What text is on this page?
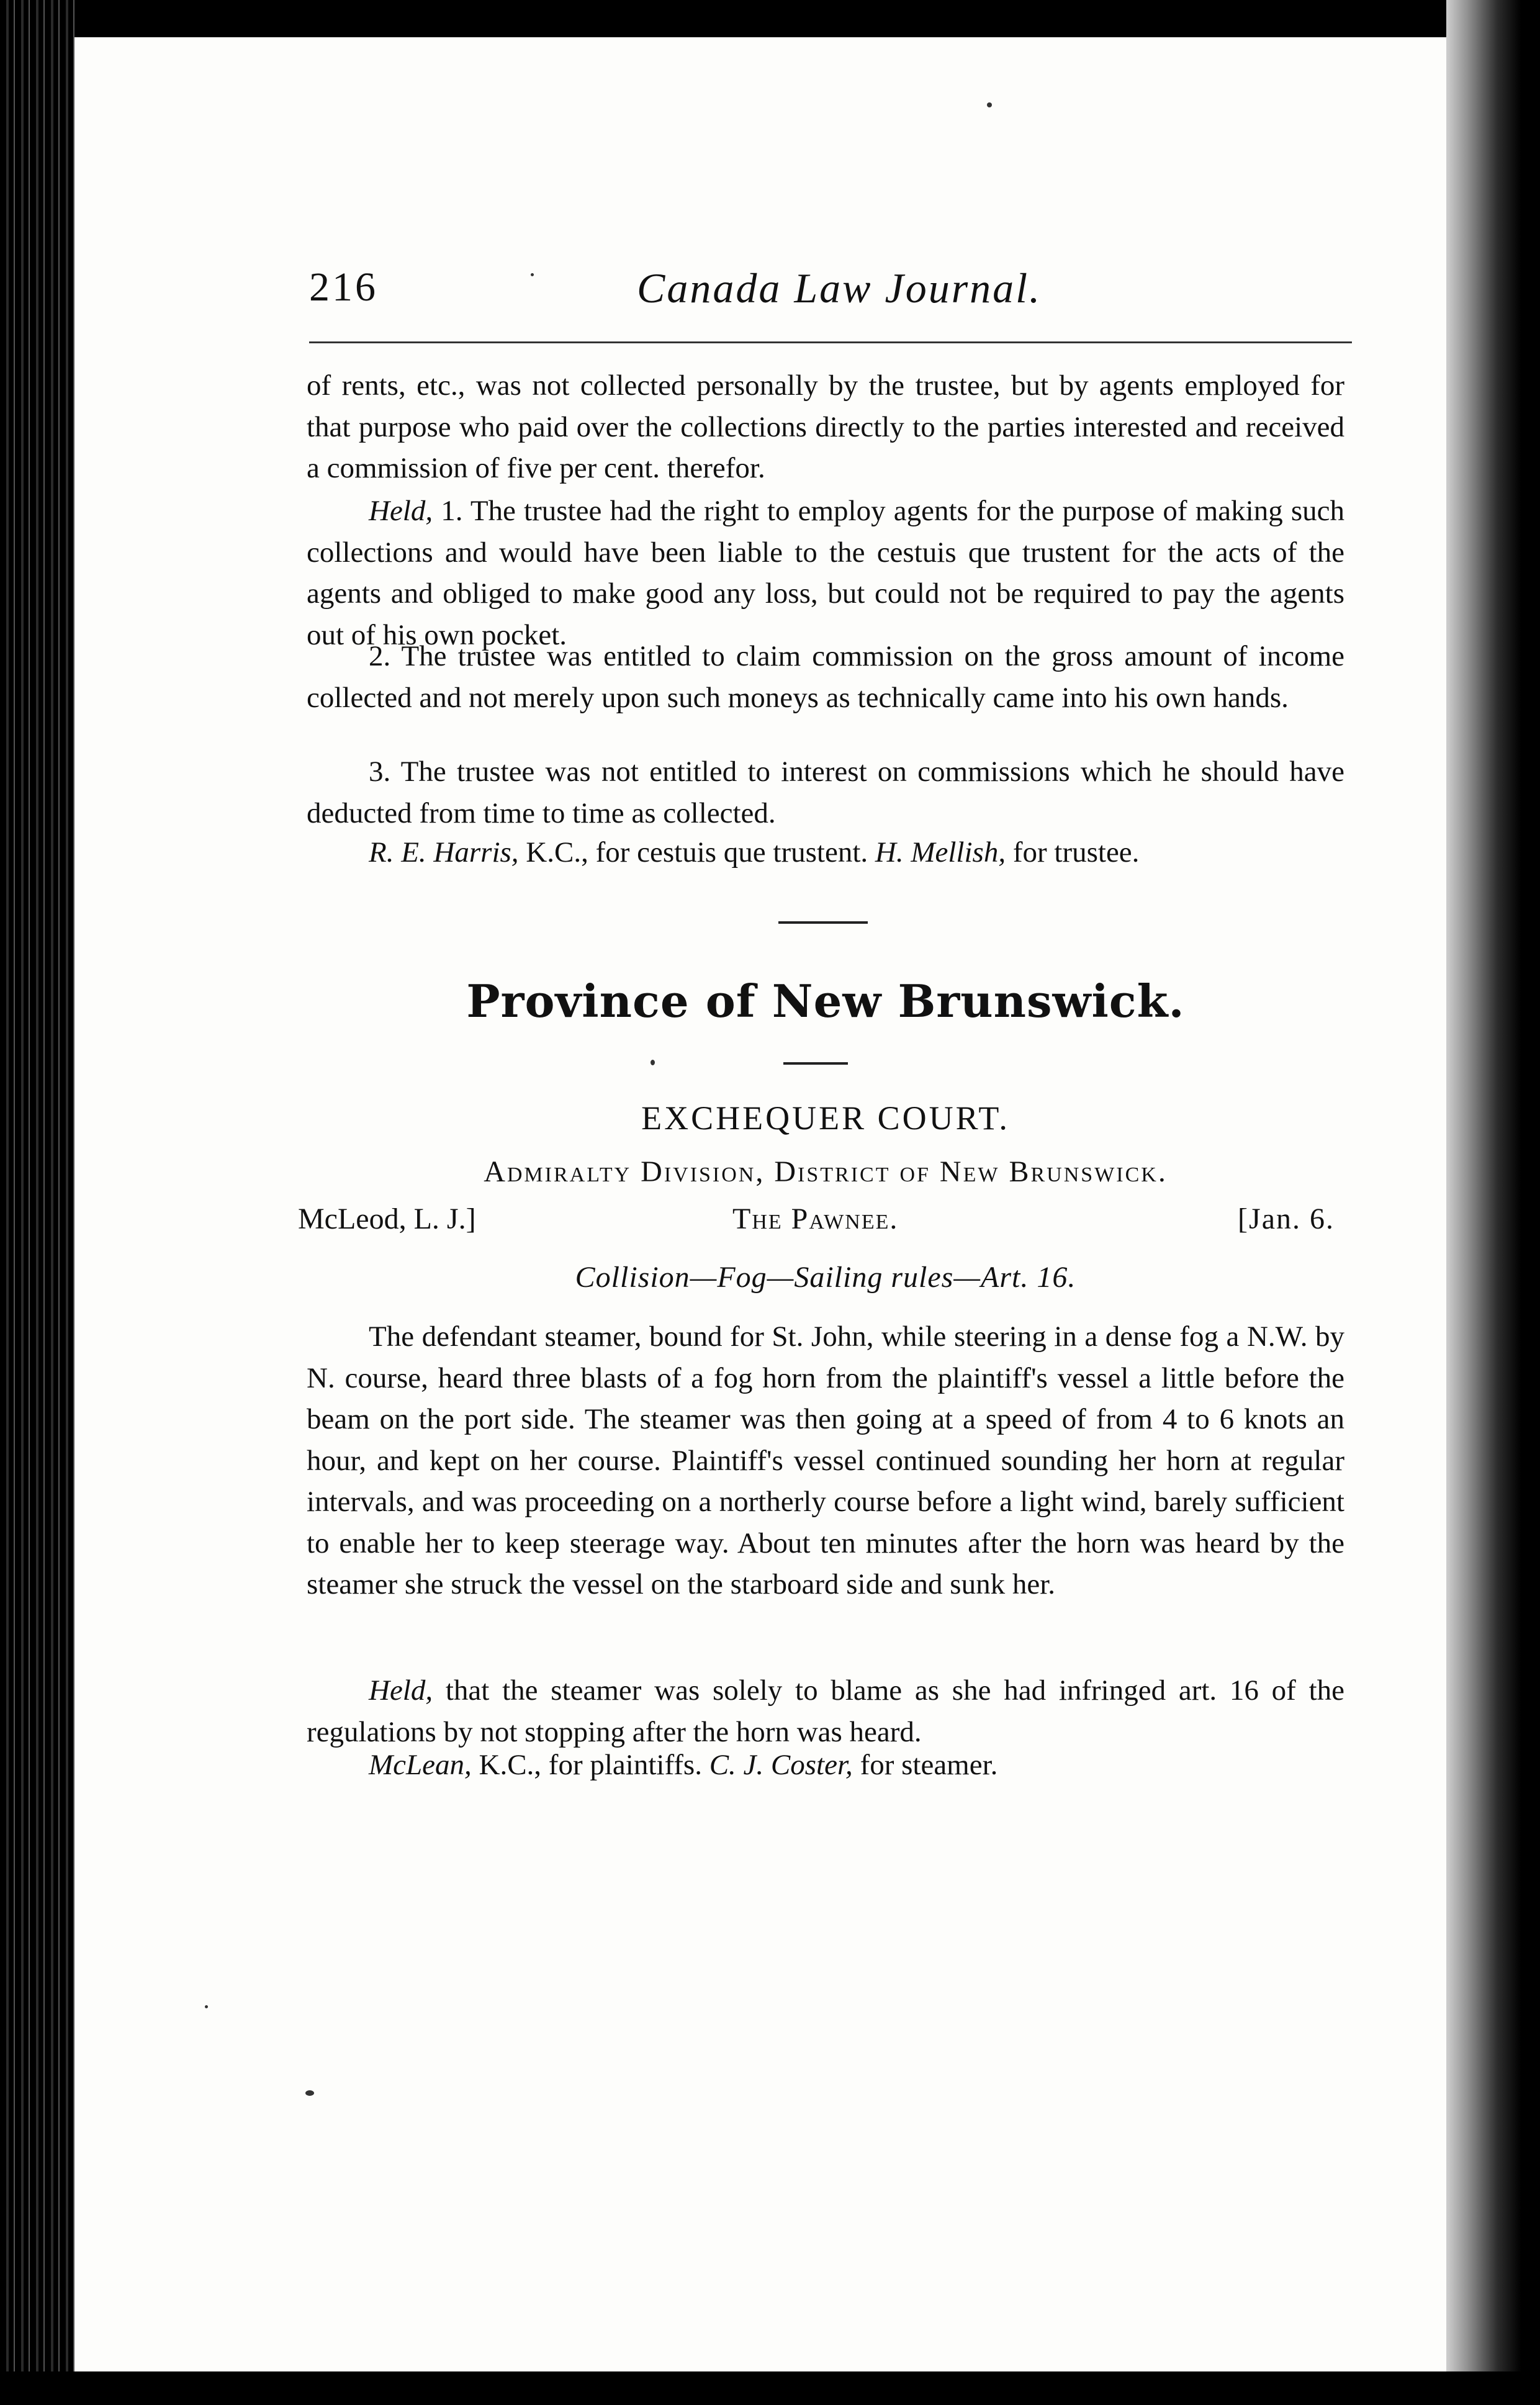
216	Canada Law Journal.

of rents, etc., was not collected personally by the trustee, but by agents employed for that purpose who paid over the collections directly to the parties interested and received a commission of five per cent. therefor.

Held, 1. The trustee had the right to employ agents for the purpose of making such collections and would have been liable to the cestuis que trustent for the acts of the agents and obliged to make good any loss, but could not be required to pay the agents out of his own pocket.

2. The trustee was entitled to claim commission on the gross amount of income collected and not merely upon such moneys as technically came into his own hands.

3. The trustee was not entitled to interest on commissions which he should have deducted from time to time as collected.

R. E. Harris, K.C., for cestuis que trustent. H. Mellish, for trustee.

Province of New Brunswick.
EXCHEQUER COURT.
Admiralty Division, District of New Brunswick.
McLeod, L. J.]	The Pawnee.	[Jan. 6.
Collision—Fog—Sailing rules—Art. 16.

The defendant steamer, bound for St. John, while steering in a dense fog a N.W. by N. course, heard three blasts of a fog horn from the plaintiff's vessel a little before the beam on the port side. The steamer was then going at a speed of from 4 to 6 knots an hour, and kept on her course. Plaintiff's vessel continued sounding her horn at regular intervals, and was proceeding on a northerly course before a light wind, barely sufficient to enable her to keep steerage way. About ten minutes after the horn was heard by the steamer she struck the vessel on the starboard side and sunk her.

Held, that the steamer was solely to blame as she had infringed art. 16 of the regulations by not stopping after the horn was heard.

McLean, K.C., for plaintiffs. C. J. Coster, for steamer.
